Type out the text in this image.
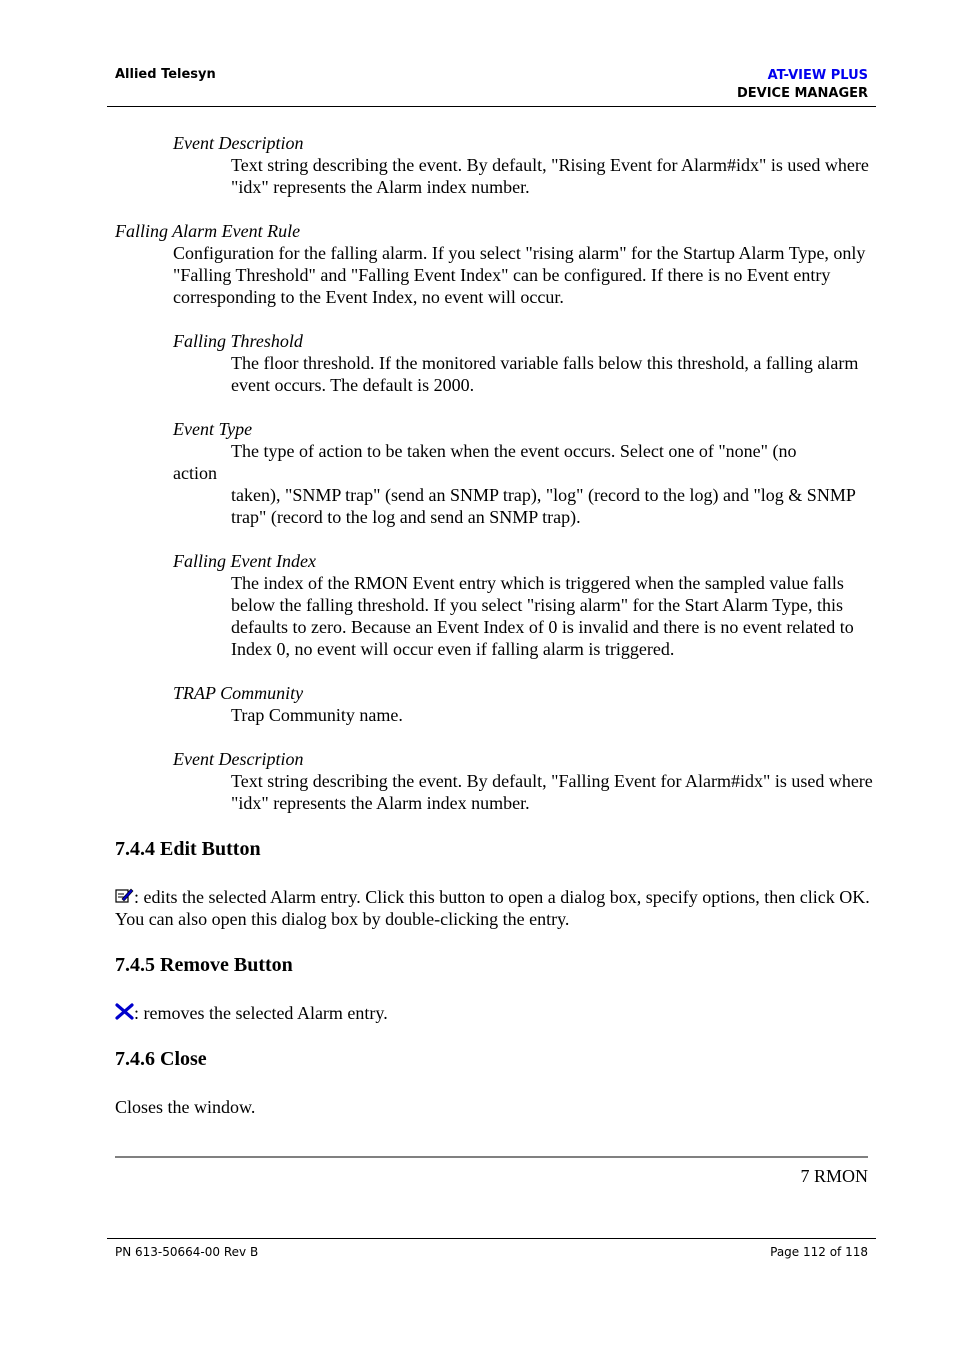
Allied Telesyn	AT-VIEW PLUS
DEVICE MANAGER
Event Description
Text string describing the event. By default, "Rising Event for Alarm#idx" is used where "idx" represents the Alarm index number.
Falling Alarm Event Rule
Configuration for the falling alarm. If you select "rising alarm" for the Startup Alarm Type, only "Falling Threshold" and "Falling Event Index" can be configured. If there is no Event entry corresponding to the Event Index, no event will occur.
Falling Threshold
The floor threshold. If the monitored variable falls below this threshold, a falling alarm event occurs. The default is 2000.
Event Type
The type of action to be taken when the event occurs. Select one of "none" (no
action
taken), "SNMP trap" (send an SNMP trap), "log" (record to the log) and "log & SNMP trap" (record to the log and send an SNMP trap).
Falling Event Index
The index of the RMON Event entry which is triggered when the sampled value falls below the falling threshold. If you select "rising alarm" for the Start Alarm Type, this defaults to zero. Because an Event Index of 0 is invalid and there is no event related to Index 0, no event will occur even if falling alarm is triggered.
TRAP Community
Trap Community name.
Event Description
Text string describing the event. By default, "Falling Event for Alarm#idx" is used where "idx" represents the Alarm index number.
7.4.4 Edit Button
: edits the selected Alarm entry. Click this button to open a dialog box, specify options, then click OK. You can also open this dialog box by double-clicking the entry.
7.4.5 Remove Button
: removes the selected Alarm entry.
7.4.6 Close
Closes the window.
7 RMON
PN 613-50664-00 Rev B	Page 112 of 118
